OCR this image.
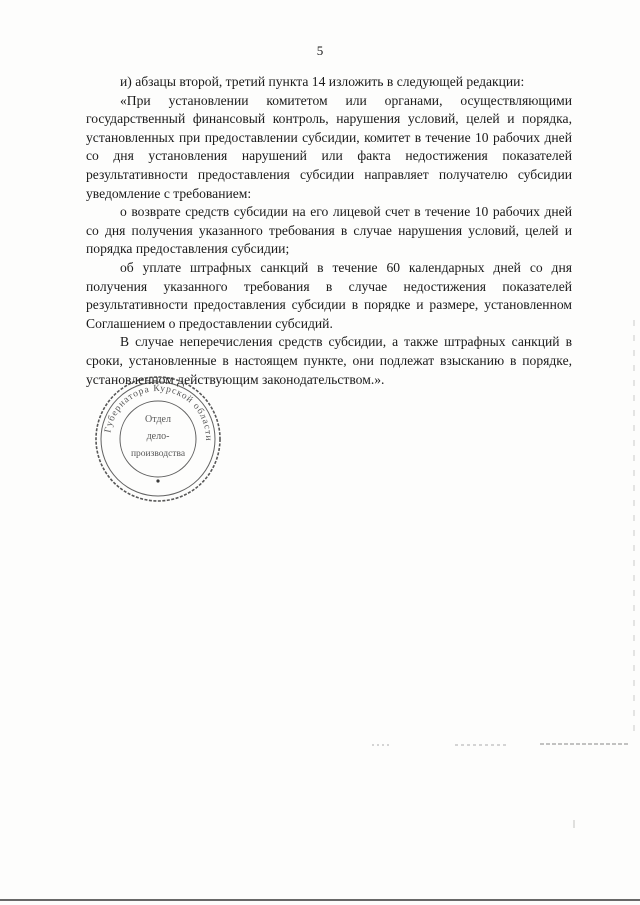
5

и) абзацы второй, третий пункта 14 изложить в следующей редакции:

«При установлении комитетом или органами, осуществляющими государственный финансовый контроль, нарушения условий, целей и порядка, установленных при предоставлении субсидии, комитет в течение 10 рабочих дней со дня установления нарушений или факта недостижения показателей результативности предоставления субсидии направляет получателю субсидии уведомление с требованием:

о возврате средств субсидии на его лицевой счет в течение 10 рабочих дней со дня получения указанного требования в случае нарушения условий, целей и порядка предоставления субсидии;

об уплате штрафных санкций в течение 60 календарных дней со дня получения указанного требования в случае недостижения показателей результативности предоставления субсидии в порядке и размере, установленном Соглашением о предоставлении субсидий.

В случае неперечисления средств субсидии, а также штрафных санкций в сроки, установленные в настоящем пункте, они подлежат взысканию в порядке, установленном действующим законодательством.».

Губернатора Курской области
Отдел
дело-
производства
